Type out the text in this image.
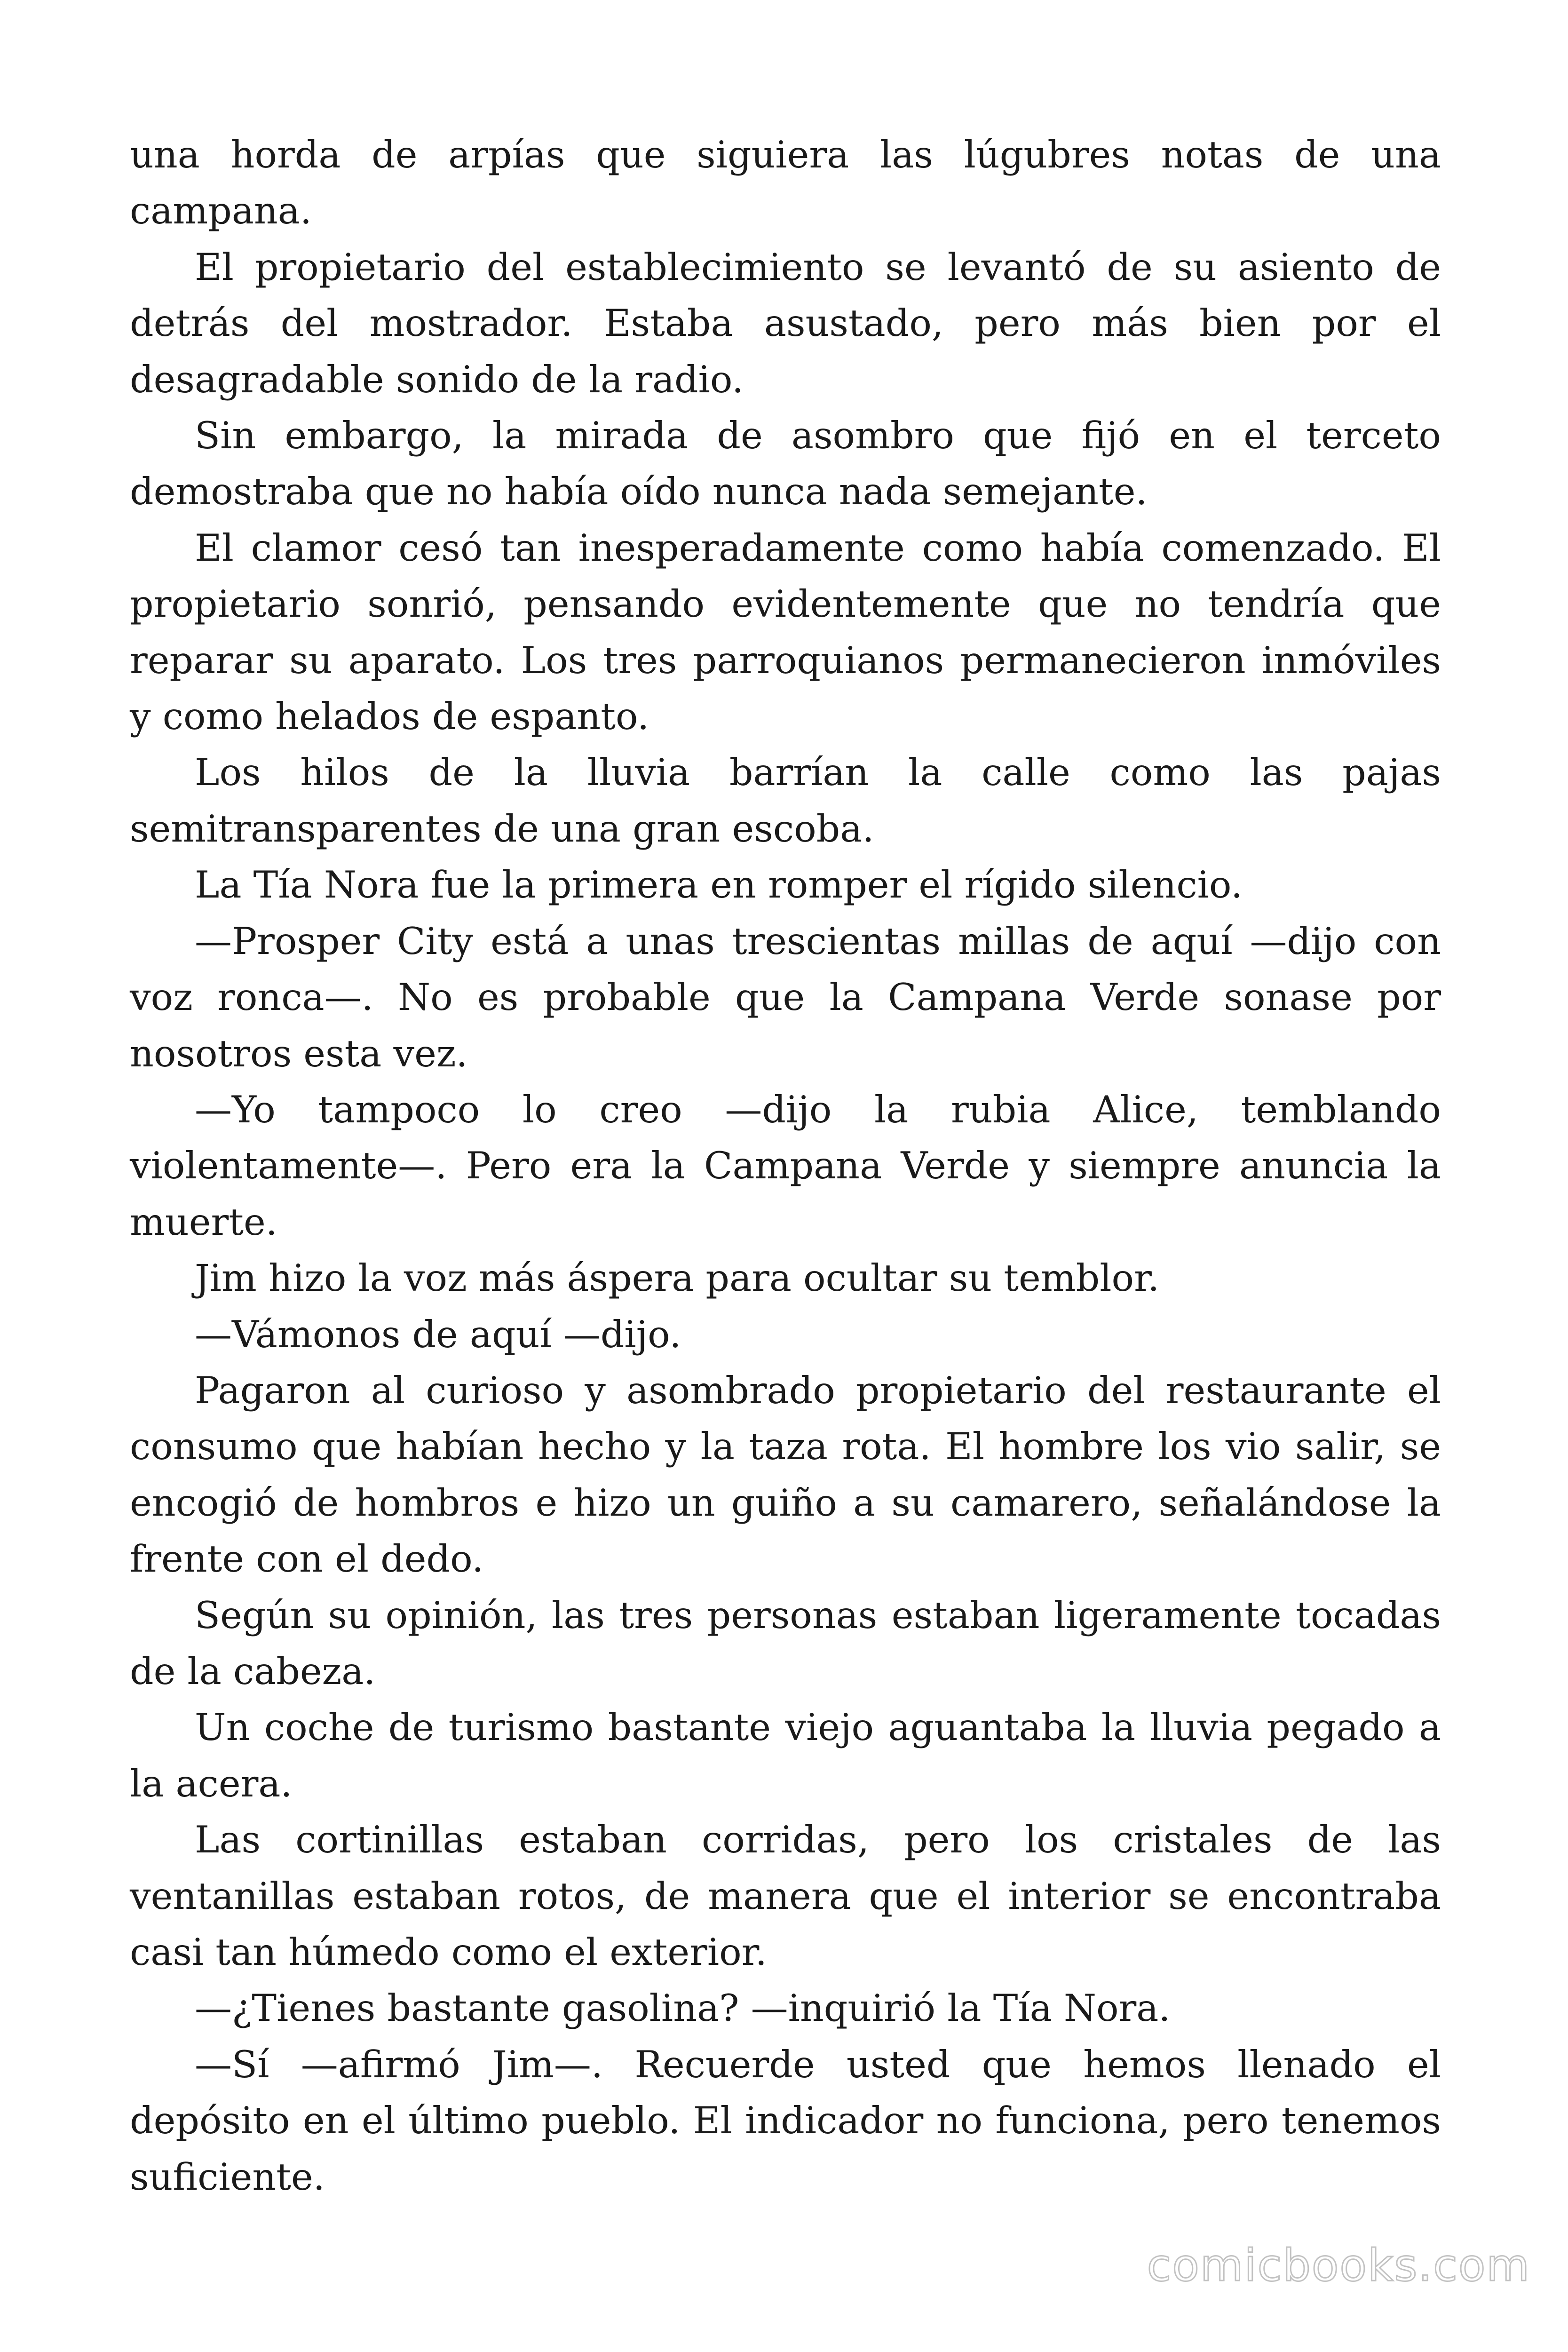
una horda de arpías que siguiera las lúgubres notas de una campana.

El propietario del establecimiento se levantó de su asiento de detrás del mostrador. Estaba asustado, pero más bien por el desagradable sonido de la radio.

Sin embargo, la mirada de asombro que fijó en el terceto demostraba que no había oído nunca nada semejante.

El clamor cesó tan inesperadamente como había comenzado. El propietario sonrió, pensando evidentemente que no tendría que reparar su aparato. Los tres parroquianos permanecieron inmóviles y como helados de espanto.

Los hilos de la lluvia barrían la calle como las pajas semitransparentes de una gran escoba.

La Tía Nora fue la primera en romper el rígido silencio.

—Prosper City está a unas trescientas millas de aquí —dijo con voz ronca—. No es probable que la Campana Verde sonase por nosotros esta vez.

—Yo tampoco lo creo —dijo la rubia Alice, temblando violentamente—. Pero era la Campana Verde y siempre anuncia la muerte.

Jim hizo la voz más áspera para ocultar su temblor.

—Vámonos de aquí —dijo.

Pagaron al curioso y asombrado propietario del restaurante el consumo que habían hecho y la taza rota. El hombre los vio salir, se encogió de hombros e hizo un guiño a su camarero, señalándose la frente con el dedo.

Según su opinión, las tres personas estaban ligeramente tocadas de la cabeza.

Un coche de turismo bastante viejo aguantaba la lluvia pegado a la acera.

Las cortinillas estaban corridas, pero los cristales de las ventanillas estaban rotos, de manera que el interior se encontraba casi tan húmedo como el exterior.

—¿Tienes bastante gasolina? —inquirió la Tía Nora.

—Sí —afirmó Jim—. Recuerde usted que hemos llenado el depósito en el último pueblo. El indicador no funciona, pero tenemos suficiente.

comicbooks.com
